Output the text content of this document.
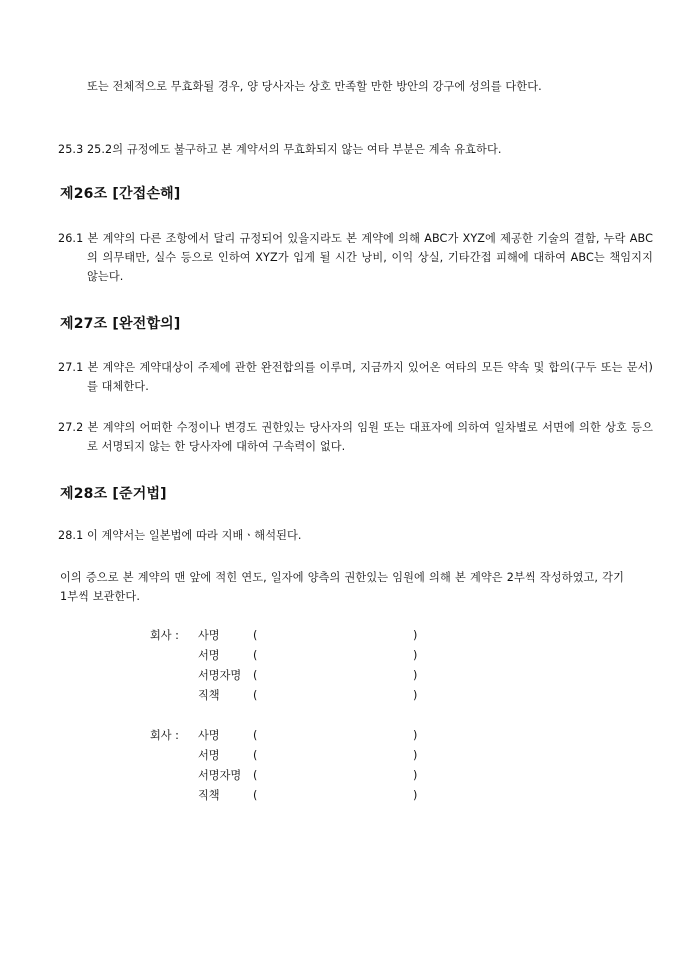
또는 전체적으로 무효화될 경우, 양 당사자는 상호 만족할 만한 방안의 강구에 성의를 다한다.
25.3 25.2의 규정에도 불구하고 본 계약서의 무효화되지 않는 여타 부분은 계속 유효하다.
제26조 [간접손해]
26.1 본 계약의 다른 조항에서 달리 규정되어 있을지라도 본 계약에 의해 ABC가 XYZ에 제공한 기술의 결함, 누락 ABC의 의무태만, 실수 등으로 인하여 XYZ가 입게 될 시간 낭비, 이익 상실, 기타간접 피해에 대하여 ABC는 책임지지 않는다.
제27조 [완전합의]
27.1 본 계약은 계약대상이 주제에 관한 완전합의를 이루며, 지금까지 있어온 여타의 모든 약속 및 합의(구두 또는 문서)를 대체한다.
27.2 본 계약의 어떠한 수정이나 변경도 권한있는 당사자의 임원 또는 대표자에 의하여 일차별로 서면에 의한 상호 등으로 서명되지 않는 한 당사자에 대하여 구속력이 없다.
제28조 [준거법]
28.1 이 계약서는 일본법에 따라 지배ㆍ해석된다.
이의 증으로 본 계약의 맨 앞에 적힌 연도, 일자에 양측의 권한있는 임원에 의해 본 계약은 2부씩 작성하였고, 각기 1부씩 보관한다.
회사 : 사명	(	)
서명	(	)
서명자명 (	)
직책	(	)
회사 : 사명	(	)
서명	(	)
서명자명 (	)
직책	(	)
